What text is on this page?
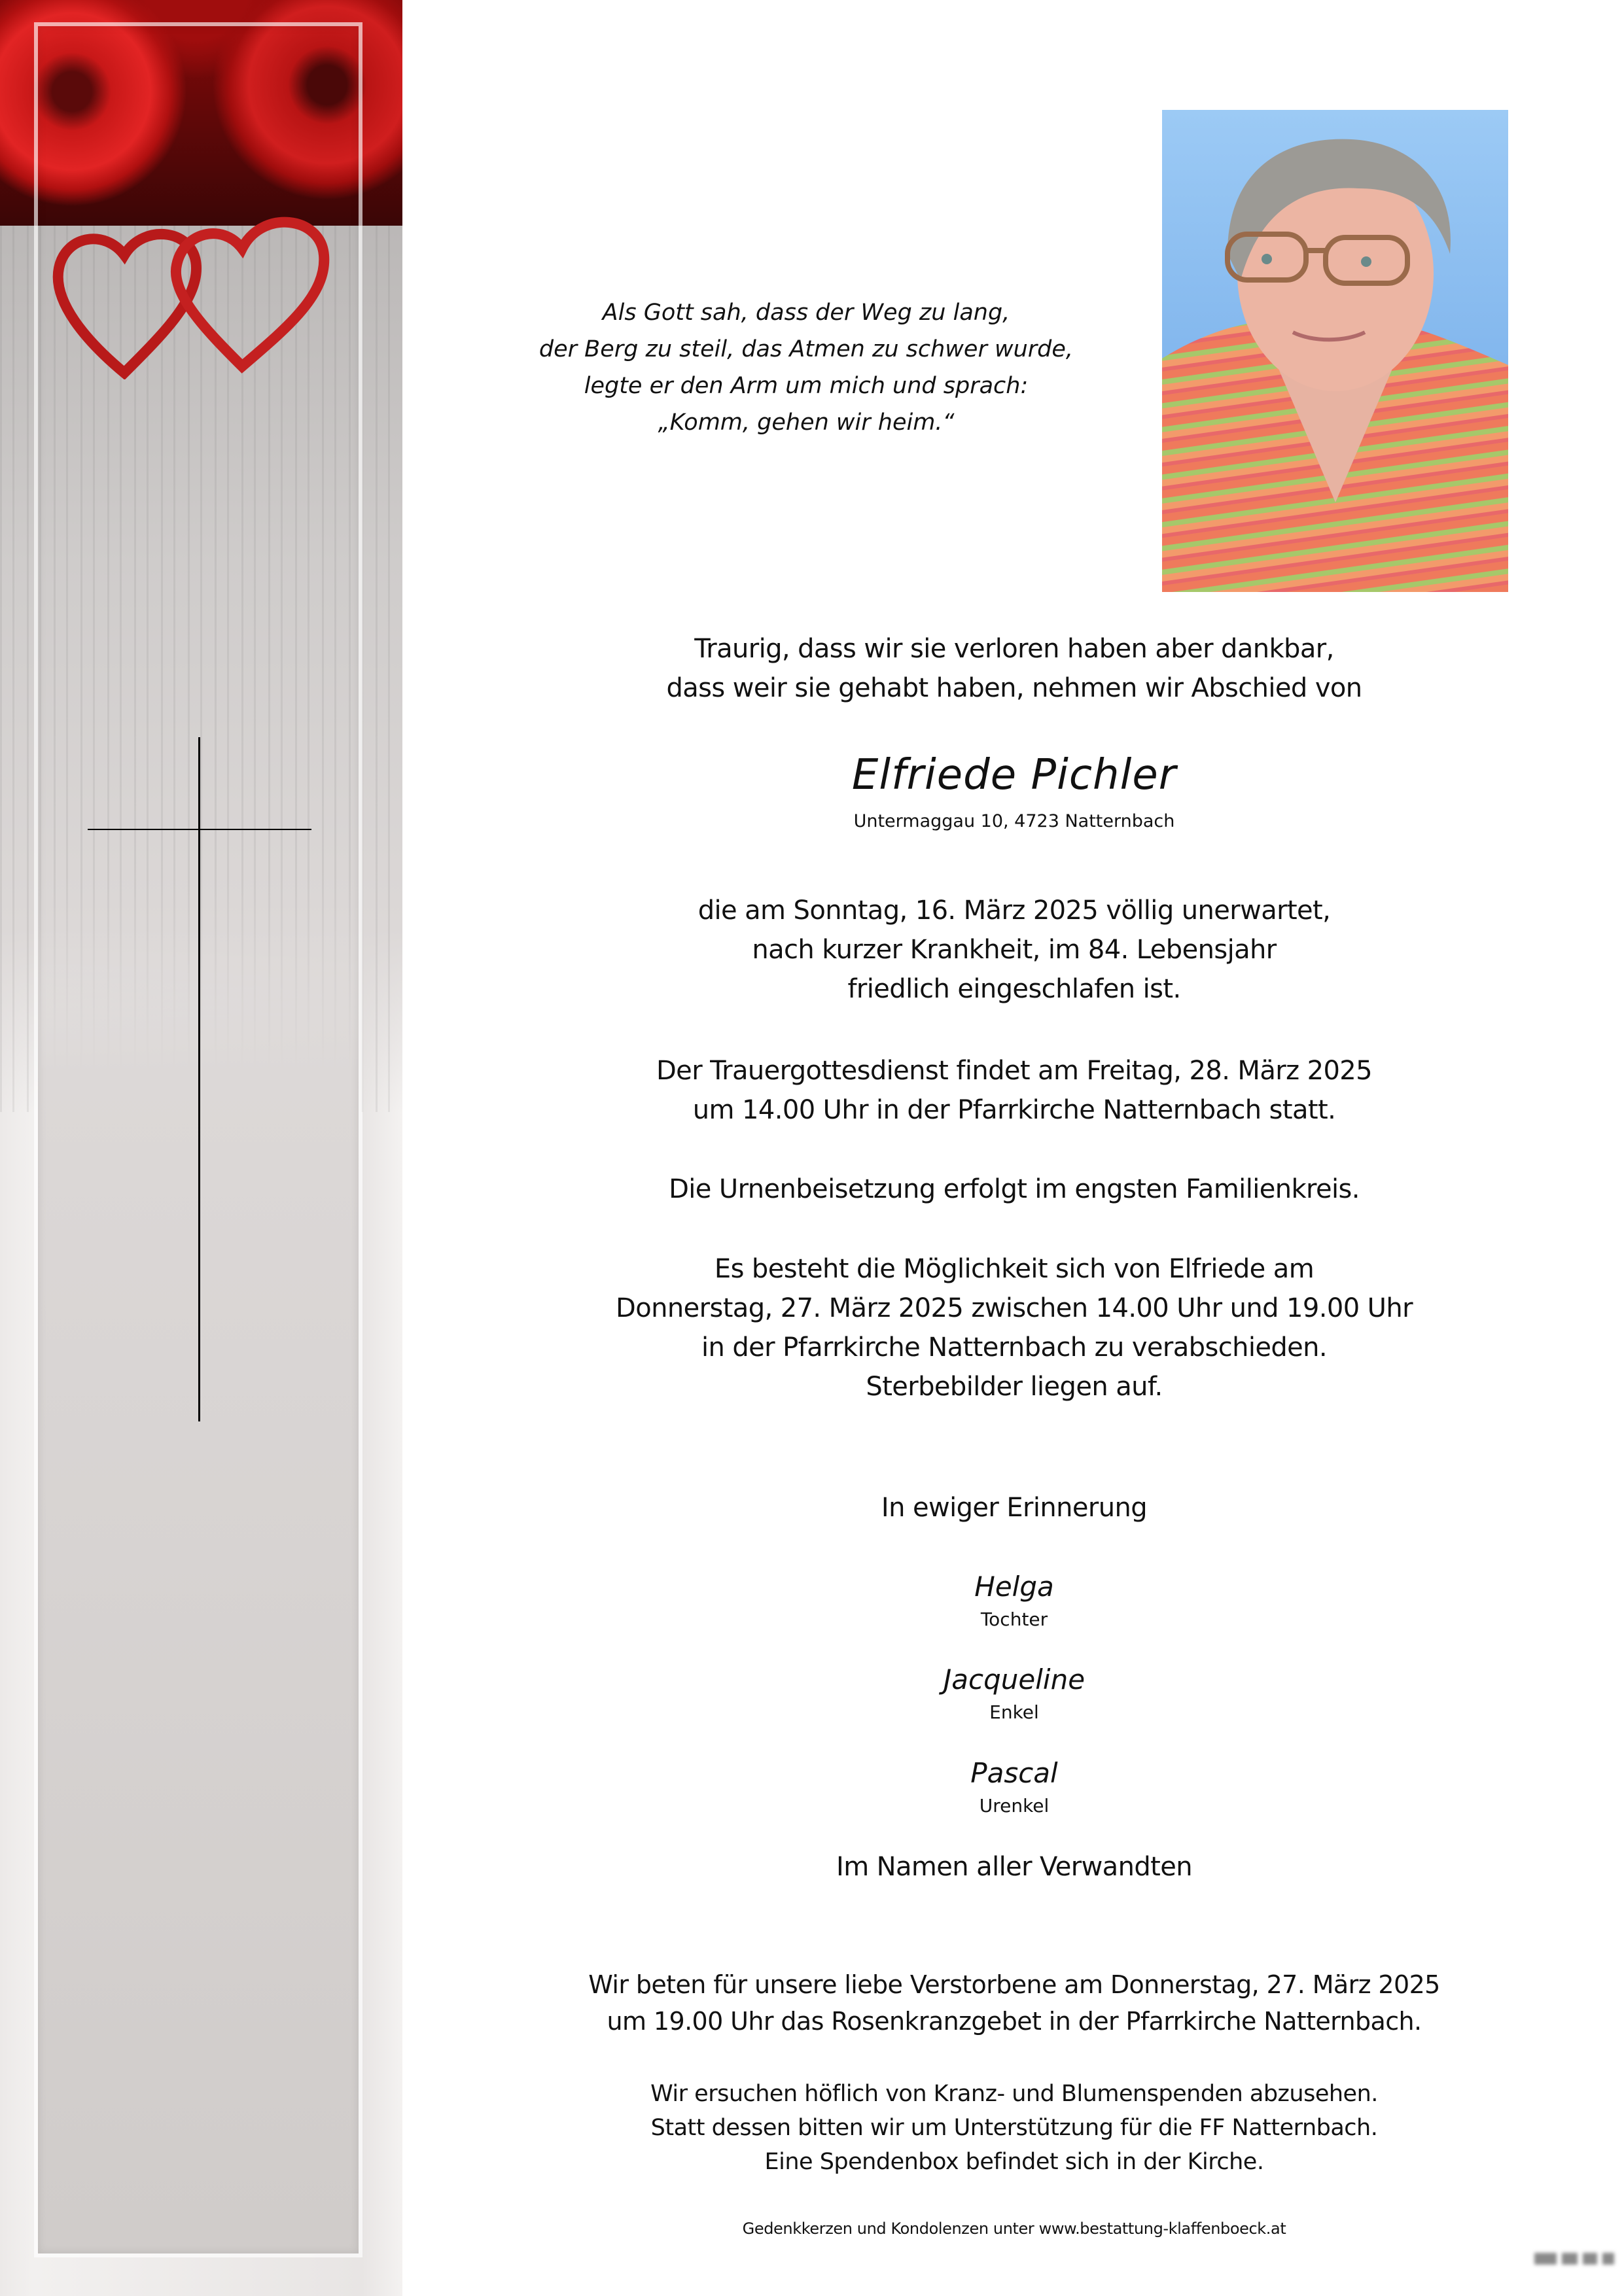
Als Gott sah, dass der Weg zu lang,
der Berg zu steil, das Atmen zu schwer wurde,
legte er den Arm um mich und sprach:
„Komm, gehen wir heim.“
Traurig, dass wir sie verloren haben aber dankbar,
dass weir sie gehabt haben, nehmen wir Abschied von
Elfriede Pichler
Untermaggau 10, 4723 Natternbach
die am Sonntag, 16. März 2025 völlig unerwartet,
nach kurzer Krankheit, im 84. Lebensjahr
friedlich eingeschlafen ist.
Der Trauergottesdienst findet am Freitag, 28. März 2025
um 14.00 Uhr in der Pfarrkirche Natternbach statt.
Die Urnenbeisetzung erfolgt im engsten Familienkreis.
Es besteht die Möglichkeit sich von Elfriede am
Donnerstag, 27. März 2025 zwischen 14.00 Uhr und 19.00 Uhr
in der Pfarrkirche Natternbach zu verabschieden.
Sterbebilder liegen auf.
In ewiger Erinnerung
Helga
Tochter
Jacqueline
Enkel
Pascal
Urenkel
Im Namen aller Verwandten
Wir beten für unsere liebe Verstorbene am Donnerstag, 27. März 2025
um 19.00 Uhr das Rosenkranzgebet in der Pfarrkirche Natternbach.
Wir ersuchen höflich von Kranz- und Blumenspenden abzusehen.
Statt dessen bitten wir um Unterstützung für die FF Natternbach.
Eine Spendenbox befindet sich in der Kirche.
Gedenkkerzen und Kondolenzen unter www.bestattung-klaffenboeck.at
